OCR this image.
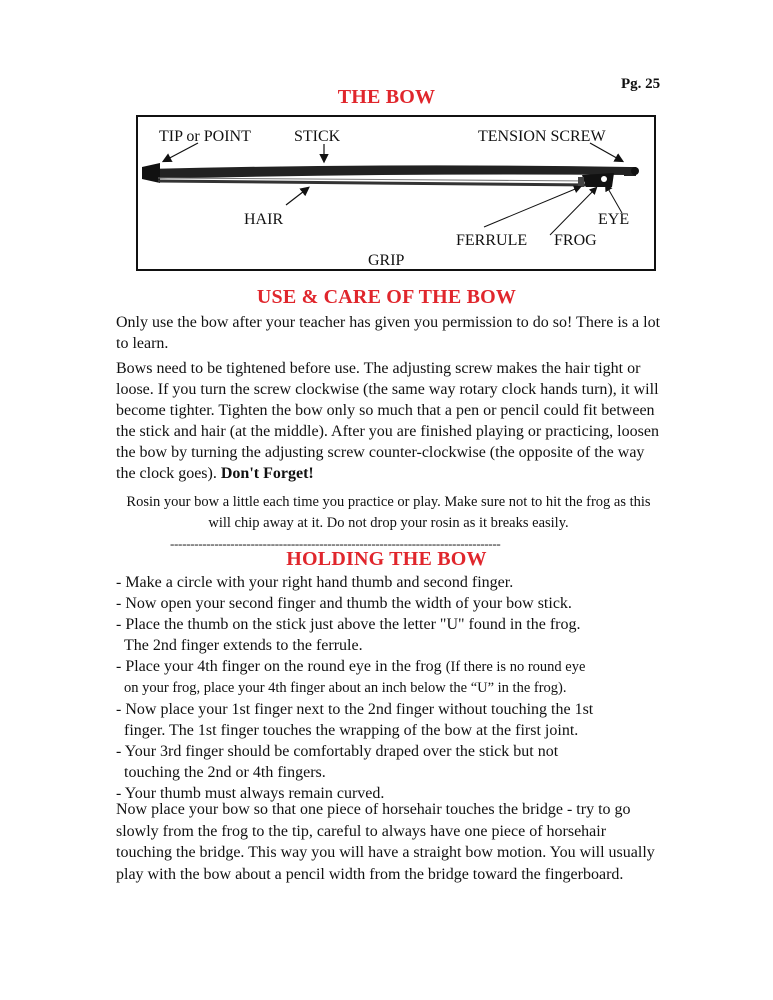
Pg. 25
THE BOW
TIP or POINT	STICK	TENSION SCREW
HAIR	EYE
FERRULE FROG
GRIP
USE & CARE OF THE BOW
Only use the bow after your teacher has given you permission to do so! There is a lot to learn.
Bows need to be tightened before use. The adjusting screw makes the hair tight or loose. If you turn the screw clockwise (the same way rotary clock hands turn), it will become tighter. Tighten the bow only so much that a pen or pencil could fit between the stick and hair (at the middle). After you are finished playing or practicing, loosen the bow by turning the adjusting screw counter-clockwise (the opposite of the way the clock goes). Don't Forget!
Rosin your bow a little each time you practice or play. Make sure not to hit the frog as this will chip away at it. Do not drop your rosin as it breaks easily.
----------------------------------------------------------------------------------
HOLDING THE BOW
- Make a circle with your right hand thumb and second finger.
- Now open your second finger and thumb the width of your bow stick.
- Place the thumb on the stick just above the letter "U" found in the frog.
The 2nd finger extends to the ferrule.
- Place your 4th finger on the round eye in the frog (If there is no round eye
on your frog, place your 4th finger about an inch below the “U” in the frog).
- Now place your 1st finger next to the 2nd finger without touching the 1st
finger. The 1st finger touches the wrapping of the bow at the first joint.
- Your 3rd finger should be comfortably draped over the stick but not
touching the 2nd or 4th fingers.
- Your thumb must always remain curved.
Now place your bow so that one piece of horsehair touches the bridge - try to go slowly from the frog to the tip, careful to always have one piece of horsehair touching the bridge. This way you will have a straight bow motion. You will usually play with the bow about a pencil width from the bridge toward the fingerboard.
